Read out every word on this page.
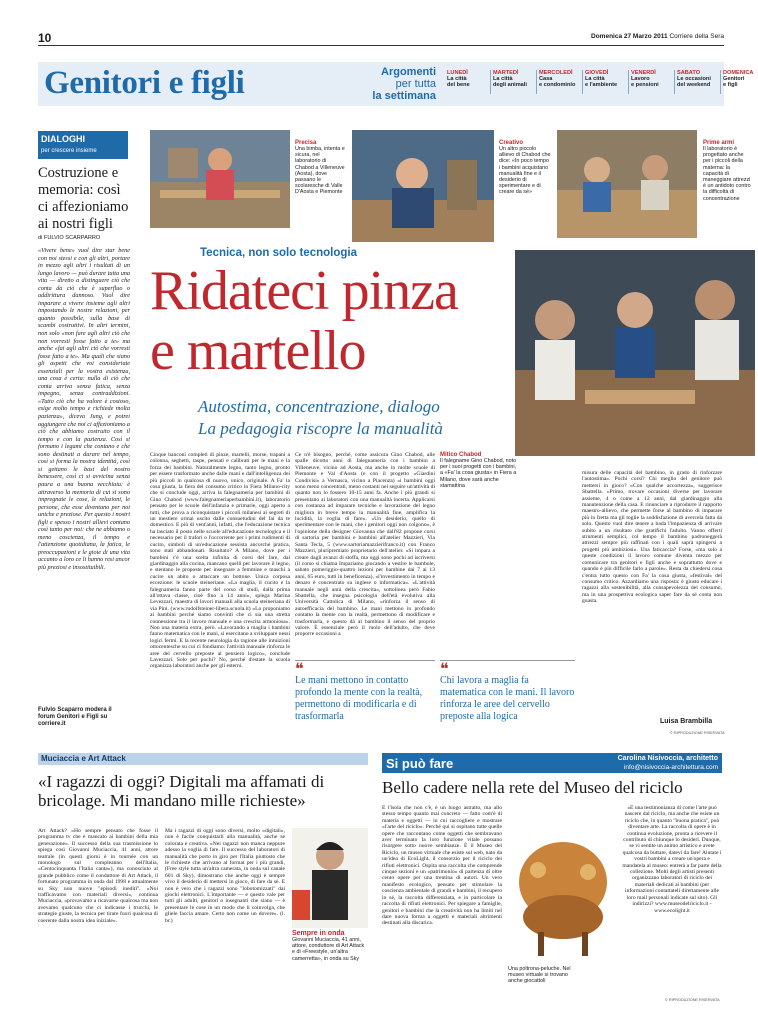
10	Domenica 27 Marzo 2011 Corriere della Sera
Genitori e figli	Argomenti
per tutta
la settimana
LUNEDÌ
La città
del bene
MARTEDÌ
La città
degli animali
MERCOLEDÌ
Casa
e condominio
GIOVEDÌ
La città
e l'ambiente
VENERDÌ
Lavoro
e pensioni
SABATO
Le occasioni
del weekend
DOMENICA
Genitori
e figli
DIALOGHI
per crescere insieme
Costruzione e memoria: così ci affezioniamo ai nostri figli
di FULVIO SCARPARRO

«Vivere bene» vuol dire star bene con noi stessi e con gli altri, portare in mezzo agli altri i risultati di un lungo lavoro — può durare tutta una vita — diretto a distinguere ciò che conta da ciò che è superfluo o addirittura dannoso. Vuol dire imparare a vivere insieme agli altri impostando le nostre relazioni, per quanto possibile, sulla base di scambi costruttivi. In altri termini, non solo «non fare agli altri ciò che non vorresti fosse fatto a te» ma anche «fai agli altri ciò che vorresti fosse fatto a te». Ma quali che siano gli aspetti che voi consideriate essenziali per la vostra esistenza, una cosa è certa: nulla di ciò che conta arriva senza fatica, senza impegno, senza contraddizioni. «Tutto ciò che ha valore è costoso, esige molto tempo e richiede molta pazienza», diceva Jung, e potrei aggiungere che noi ci affezioniamo a ciò che abbiamo costruito con il tempo e con la pazienza. Così si formano i legami che contano e che sono destinati a durare nel tempo, così si forma la nostra identità, così si gettano le basi del nostro benessere, così ci si avvicina senza paura a una buona vecchiaia: è attraverso la memoria di cui si sono impregnate le cose, le relazioni, le persone, che esse diventano per noi uniche e preziose. Per questo i nostri figli e spesso i nostri allievi contano così tanto per noi: che ne abbiamo o meno coscienza, il tempo e l'attenzione quotidiana, la fatica, le preoccupazioni e le gioie di una vita accanto a loro ce li hanno resi ancor più preziosi e insostituibili.

Fulvio Scaparro modera il forum Genitori e Figli su corriere.it
Precisa
Una bimba, intenta e sicura, nel laboratorio di Chabod a Villeneuve (Aosta), dove passano le scolaresche di Valle D'Aosta e Piemonte
Creativo
Un altro piccolo allievo di Chabod che dice: «In poco tempo i bambini acquistano manualità fine e il desiderio di sperimentare e di creare da sé»
Prime armi
Il laboratorio è progettato anche per i piccoli della materna: la capacità di maneggiare attrezzi è un antidoto contro la difficoltà di concentrazione
Tecnica, non solo tecnologia
Ridateci pinza
e martello
Autostima, concentrazione, dialogo
La pedagogia riscopre la manualità
Mitico Chabod
Il falegname Gino Chabod, noto per i suoi progetti con i bambini, a «Fa' la cosa giusta» in Fiera a Milano, dove sarà anche stamattina

Cinque banconi completi di pinze, martelli, morse, trapani a colonna, seghetti, raspe, pensati e calibrati per le mani e la forza dei bambini. Naturalmente legno, tanto legno, pronto per essere trasformato anche dalle mani e dall'intelligenza dei più piccoli in qualcosa di nuovo, unico, originale. A Fa' la cosa giusta, la fiera del consumo critico in Fiera Milano-city che si conclude oggi, arriva la falegnameria per bambini di Gino Chabod (www.falegnameriaperbambini.it), laboratorio pensato per le scuole dell'infanzia e primarie, oggi aperto a tutti, che prova a riconquistare i piccoli milanesi ai segreti di un mestiere ormai uscito dalle consuetudini del fai da te domestico. E più di vent'anni, infatti, che l'educazione tecnica ha lasciato il posto nelle scuole all'educazione tecnologica e il necessario per il trafori o l'occorrente per i primi rudimenti di cucito, simboli di un'educazione sessista ancorché pratica, sono stati abbandonati. Risultato? A Milano, dove per i bambini c'è una scelta infinita di corsi del fare, dal giardinaggio alla cucina, mancano quelli per lavorare il legno, e stentano le proposte per insegnare a femmine e maschi a cucire un abito o attaccare un bottone. Unica corposa eccezione: le scuole steineriane. «La maglia, il cucito e la falegnameria fanno parte del corso di studi, dalla prima all'ottava classe, cioè fino a 14 anni», spiega Marina Levezzari, maestra di lavori manuali alla scuola steineriana di via Pini. (www.rudolfsteiner-libera.scuola.it) «Lo proponiamo ai bambini perché siamo convinti che ci sia una stretta connessione tra il lavoro manuale e una crescita armoniosa». Non una materia extra, però. «Lavorando a maglia i bambini fanno matematica con le mani, si esercitano a sviluppare nessi logici fermi. E la recente neurologia da ragione alle intuizioni ottocentesche su cui ci fondiamo: l'attività manuale rinforza le aree del cervello preposte al pensiero logico», conclude Lavezzari. Solo per pochi? No, perché d'estate la scuola organizza laboratori anche per gli esterni.

Ce n'è bisogno, perché, come assicura Gino Chabod, alle spalle dicotto anni di falegnameria con i bambini a Villeneuve, vicino ad Aosta, ma anche in molte scuole di Piemonte e Val d'Aosta (e con il progetto «Giardini Condivisi» a Vernasca, vicino a Piacenza) «i bambini oggi sono meno concentrati, meno costanti nel seguire un'attività di quanto non lo fossero 10-15 anni fa. Anche i più grandi si presentano ai laboratori con una manualità incerta. Applicarsi con costanza ad imparare tecniche e lavorazione del legno migliora in breve tempo la manualità fine, amplifica la lucidità, la voglia di fare». «Un desiderio, quello di sperimentare con le mani, che i genitori oggi non colgono», è l'opinione della designer Giovanna che dall'82 propone corsi di sartoria per bambini e bambini all'atelier Mazzieri, Via Santa Tecla, 5 (www.sartoriamazzierifranco.it) con Franco Mazzieri, pluripremiato proprietario dell'atelier. «Si impara a creare dagli avanzi di stoffa, ma oggi sono pochi ad iscriversi (il corso si chiama Impariamo giocando a vestire le bambole, sabato pomeriggio-quattro lezioni per bambine dai 7 ai 13 anni, 65 euro, tutti in beneficenza), «l'investimento in tempo e denaro è concentrato su inglese o informatica». «L'attività manuale negli anni della crescita», sottolinea però Fabio Sbattella, che insegna psicologia dell'età evolutiva alla Università Cattolica di Milano, «rinforza il senso di autoefficacia del bambino. Le mani mettono in profondo contatto la mente con la realtà, permettono di modificare e trasformarla, e questo dà al bambino il senso del proprio valore. È essenziale però il ruolo dell'adulto, che deve proporre occasioni a

misura delle capacità del bambino, in grado di rinforzare l'autostima». Pochi corsi? Chi meglio del genitore può mettersi in gioco? «Con qualche accortezza», suggerisce Sbattella. «Primo, trovare occasioni diverse per lavorare assieme, 4 o come a 12 anni, dal giardinaggio alla manutenzione della casa. E rinunciare a riprodurre il rapporto maestro-allievo, che permette forse al bambino di imparare più in fretta ma gli toglie la soddisfazione di avercela fatta da solo. Questo vuol dire tenere a bada l'impazienza di arrivare subito a un risultato che gratifichi l'adulto. Vanno offerti strumenti semplici, col tempo il bambino padroneggerà attrezzi sempre più raffinati con i quali saprà spingersi a progetti più ambiziosi». Una faticaccia? Forse, «ma solo a queste condizioni il lavoro comune diventa mezzo per comunicare tra genitori e figli anche e soprattutto dove e quando è più difficile farlo a parole». Resta da chiedersi cosa c'entra tutto questo con Fa' la cosa giusta, «festival» del consumo critico. Azzardiamo una risposta: è giusto educare i ragazzi alla sostenibilità, alla consapevolezza del consumo, ma in una prospettiva ecologica saper fare da sé conta non guasta.

❝
Le mani mettono in contatto profondo la mente con la realtà, permettono di modificarla e di trasformarla
❝
Chi lavora a maglia fa matematica con le mani. Il lavoro rinforza le aree del cervello preposte alla logica	Luisa Brambilla
© RIPRODUZIONE RISERVATA
Muciaccia e Art Attack
«I ragazzi di oggi? Digitali ma affamati di bricolage. Mi mandano mille richieste»

Art Attack? «Ho sempre pensato che fosse il programma tv che è mancato ai bambini della mia generazione». Il successo della sua trasmissione lo spiega così Giovanni Muciaccia, 41 anni, attore teatrale (in questi giorni è in tournée con un monologo sul compleanno dell'Italia, «Centocinquanta l'Italia canta»), ma conosciuto al grande pubblico come il conduttore di Art Attack, il fortunato programma in onda dal 1998 e attualmente su Sky non nuove "episodi inediti". «Noi trafficavamo con materiali diversi», continua Muciaccia, «provavamo a ricavarne qualcosa ma non avevamo qualcuno che ci indicasse i trucchi, le strategie giuste, la tecnica per tirare fuori qualcosa di coerente dalla nostra idea iniziale».

Ma i ragazzi di oggi sono diversi, molto «digitali», non è facile conquistarli alla manualità, anche se colorata e creativa. «Nei ragazzi non manca neppure adesso la voglia di fare. Il successo del laboratori di manualità che porto in giro per l'Italia piuttosto che le richieste che arrivano al format per i più grandi, (Free style tutta un'altra camerata, in onda sul canale 601 di Sky), dimostrano che anche oggi è sempre vivo il desiderio di mettersi in gioco, di fare da sé. E non è vero che i ragazzi sono "lobotomizzati" dai giochi elettronici. L'importante — e questo vale per tutti gli adulti, genitori o insegnanti che siano — è presentare le cose in un modo che li coinvolga, che gliele faccia amare. Certo non come un dovere». (l. br.)

Sempre in onda
Giovanni Muciaccia, 41 anni, attore, conduttore di Art Attack e di «Freestyle, un'altra camerretta», in onda su Sky
Si può fare	Carolina Nisivoccia, architetto
info@nisivoccia-architettura.com
Bello cadere nella rete del Museo del riciclo

È l'isola che non c'è, è un luogo astratto, ma allo stesso tempo quanto mai concreto — fatto com'è di materia e oggetti — in cui raccogliere e mostrare «l'arte del riciclo». Perché qui si ospitano tutte quelle opere che raccontano come oggetti che sembravano aver terminato la loro funzione vitale possano risorgere sotto nuove sembianze. È il Museo del Riciclo, un museo virtuale che esiste sul web, nato da un'idea di EcoLight, il consorzio per il riciclo dei rifiuti elettronici. Ospita una raccolta che comprende cinque sezioni e un «patrimonio» di partenza di oltre cento opere per una trentina di autori. Un vero manifesto ecologico, pensato per stimolare la coscienza ambientale di grandi e bambini, il recupero in sé, la raccolta differenziata, e in particolare la raccolta di rifiuti elettronici. Per spiegare a famiglie, genitori e bambini che la creatività non ha limiti nel dare nuova forma a oggetti e materiali altrimenti destinati alla discarica.

Una poltrona-peluche. Nel museo virtuale si trovano anche giocattoli

«È una testimonianza di come l'arte può nascere dal riciclo, ma anche che esiste un riciclo che, in quanto "buona pratica", può diventare arte. La raccolta di opere è in continua evoluzione, pronta a ricevere il contributo di chiunque lo desideri. Dunque, se vi sentite un animo artistico e avete qualcosa da buttare, datevi da fare! Aiutate i vostri bambini a creare un'opera e mandatela al museo: entrerà a far parte della collezione. Molti degli artisti presenti organizzano laboratori di riciclo dei materiali dedicati ai bambini (per informazioni contattateli direttamente alle loro mail personali indicate sul sito). Gli indirizzi? www.museodelriciclo.it - www.ecolight.it

© RIPRODUZIONE RISERVATA
